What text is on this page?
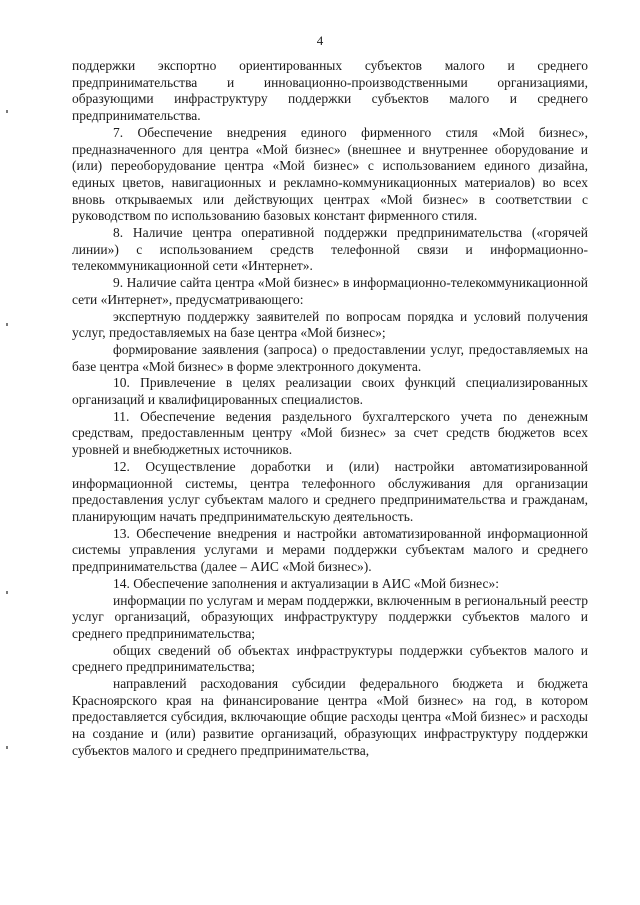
4

поддержки экспортно ориентированных субъектов малого и среднего предпринимательства и инновационно-производственными организациями, образующими инфраструктуру поддержки субъектов малого и среднего предпринимательства.

7. Обеспечение внедрения единого фирменного стиля «Мой бизнес», предназначенного для центра «Мой бизнес» (внешнее и внутреннее оборудование и (или) переоборудование центра «Мой бизнес» с использованием единого дизайна, единых цветов, навигационных и рекламно-коммуникационных материалов) во всех вновь открываемых или действующих центрах «Мой бизнес» в соответствии с руководством по использованию базовых констант фирменного стиля.

8. Наличие центра оперативной поддержки предпринимательства («горячей линии») с использованием средств телефонной связи и информационно-телекоммуникационной сети «Интернет».

9. Наличие сайта центра «Мой бизнес» в информационно-телекоммуникационной сети «Интернет», предусматривающего:

экспертную поддержку заявителей по вопросам порядка и условий получения услуг, предоставляемых на базе центра «Мой бизнес»;

формирование заявления (запроса) о предоставлении услуг, предоставляемых на базе центра «Мой бизнес» в форме электронного документа.

10. Привлечение в целях реализации своих функций специализированных организаций и квалифицированных специалистов.

11. Обеспечение ведения раздельного бухгалтерского учета по денежным средствам, предоставленным центру «Мой бизнес» за счет средств бюджетов всех уровней и внебюджетных источников.

12. Осуществление доработки и (или) настройки автоматизированной информационной системы, центра телефонного обслуживания для организации предоставления услуг субъектам малого и среднего предпринимательства и гражданам, планирующим начать предпринимательскую деятельность.

13. Обеспечение внедрения и настройки автоматизированной информационной системы управления услугами и мерами поддержки субъектам малого и среднего предпринимательства (далее – АИС «Мой бизнес»).

14. Обеспечение заполнения и актуализации в АИС «Мой бизнес»:

информации по услугам и мерам поддержки, включенным в региональный реестр услуг организаций, образующих инфраструктуру поддержки субъектов малого и среднего предпринимательства;

общих сведений об объектах инфраструктуры поддержки субъектов малого и среднего предпринимательства;

направлений расходования субсидии федерального бюджета и бюджета Красноярского края на финансирование центра «Мой бизнес» на год, в котором предоставляется субсидия, включающие общие расходы центра «Мой бизнес» и расходы на создание и (или) развитие организаций, образующих инфраструктуру поддержки субъектов малого и среднего предпринимательства,
